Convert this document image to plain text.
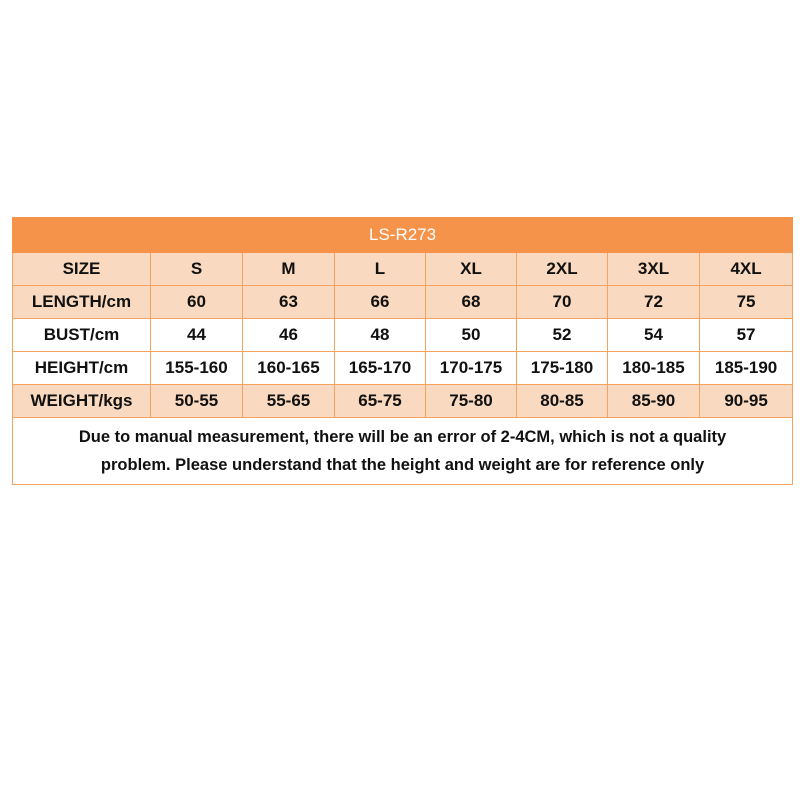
LS-R273							
SIZE	S	M	L	XL	2XL	3XL	4XL
LENGTH/cm	60	63	66	68	70	72	75
BUST/cm	44	46	48	50	52	54	57
HEIGHT/cm	155-160	160-165	165-170	170-175	175-180	180-185	185-190
WEIGHT/kgs	50-55	55-65	65-75	75-80	80-85	85-90	90-95
Due to manual measurement, there will be an error of 2-4CM, which is not a quality problem. Please understand that the height and weight are for reference only							
